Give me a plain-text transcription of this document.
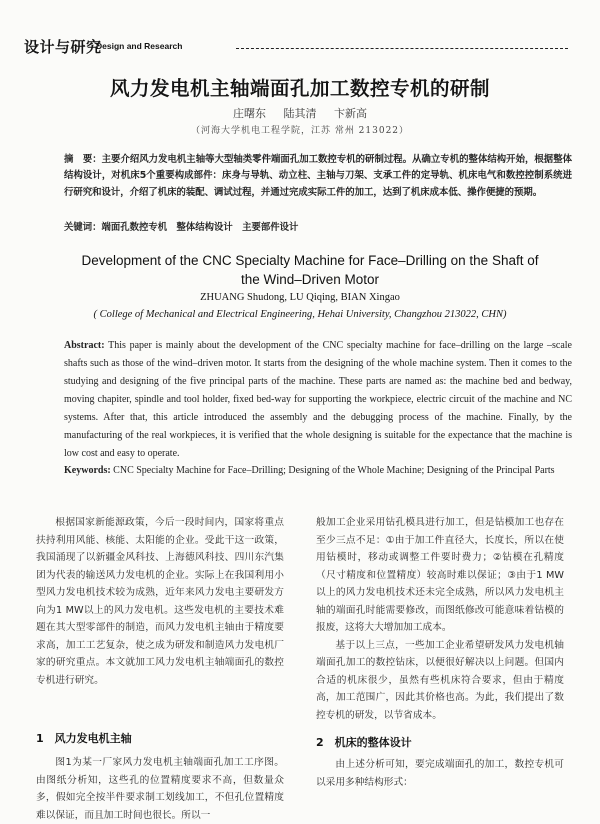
设计与研究
Design and Research
风力发电机主轴端面孔加工数控专机的研制
庄曙东 陆其清 卞新高
（河海大学机电工程学院，江苏 常州 213022）
摘　要：主要介绍风力发电机主轴等大型轴类零件端面孔加工数控专机的研制过程。从确立专机的整体结构开始，根据整体结构设计，对机床5个重要构成部件：床身与导轨、动立柱、主轴与刀架、支承工件的定导轨、机床电气和数控控制系统进行研究和设计，介绍了机床的装配、调试过程，并通过完成实际工件的加工，达到了机床成本低、操作便捷的预期。
关键词：端面孔数控专机　整体结构设计　主要部件设计
Development of the CNC Specialty Machine for Face–Drilling on the Shaft of the Wind–Driven Motor
ZHUANG Shudong, LU Qiqing, BIAN Xingao
( College of Mechanical and Electrical Engineering, Hehai University, Changzhou 213022, CHN)
Abstract: This paper is mainly about the development of the CNC specialty machine for face–drilling on the large –scale shafts such as those of the wind–driven motor. It starts from the designing of the whole machine system. Then it comes to the studying and designing of the five principal parts of the machine. These parts are named as: the machine bed and bedway, moving chapiter, spindle and tool holder, fixed bed-way for supporting the workpiece, electric circuit of the machine and NC systems. After that, this article introduced the assembly and the debugging process of the machine. Finally, by the manufacturing of the real workpieces, it is verified that the whole designing is suitable for the expectance that the machine is low cost and easy to operate.
Keywords: CNC Specialty Machine for Face–Drilling; Designing of the Whole Machine; Designing of the Principal Parts

根据国家新能源政策，今后一段时间内，国家将重点扶持利用风能、核能、太阳能的企业。受此干这一政策，我国涌现了以新疆金风科技、上海德风科技、四川东汽集团为代表的输送风力发电机的企业。实际上在我国利用小型风力发电机技术较为成熟，近年来风力发电主要研发方向为1 MW以上的风力发电机。这些发电机的主要技术难题在其大型零部件的制造，而风力发电机主轴由于精度要求高，加工工艺复杂，使之成为研发和制造风力发电机厂家的研究重点。本文就加工风力发电机主轴端面孔的数控专机进行研究。

1　风力发电机主轴

图1为某一厂家风力发电机主轴端面孔加工工序图。由图纸分析知，这些孔的位置精度要求不高，但数量众多，假如完全按半件要求制工划线加工，不但孔位置精度难以保证，而且加工时间也很长。所以一

般加工企业采用钻孔模具进行加工，但是钻模加工也存在至少三点不足：①由于加工件直径大，长度长，所以在使用钻模时，移动或调整工件要时费力；②钻模在孔精度（尺寸精度和位置精度）较高时难以保证；③由于1 MW以上的风力发电机技术还未完全成熟，所以风力发电机主轴的端面孔时能需要修改，而图纸修改可能意味着钻模的报废，这将大大增加加工成本。

基于以上三点，一些加工企业希望研发风力发电机轴端面孔加工的数控钻床，以便很好解决以上问题。但国内合适的机床很少，虽然有些机床符合要求，但由于精度高，加工范围广，因此其价格也高。为此，我们提出了数控专机的研发，以节省成本。

2　机床的整体设计

由上述分析可知，要完成端面孔的加工，数控专机可以采用多种结构形式：
